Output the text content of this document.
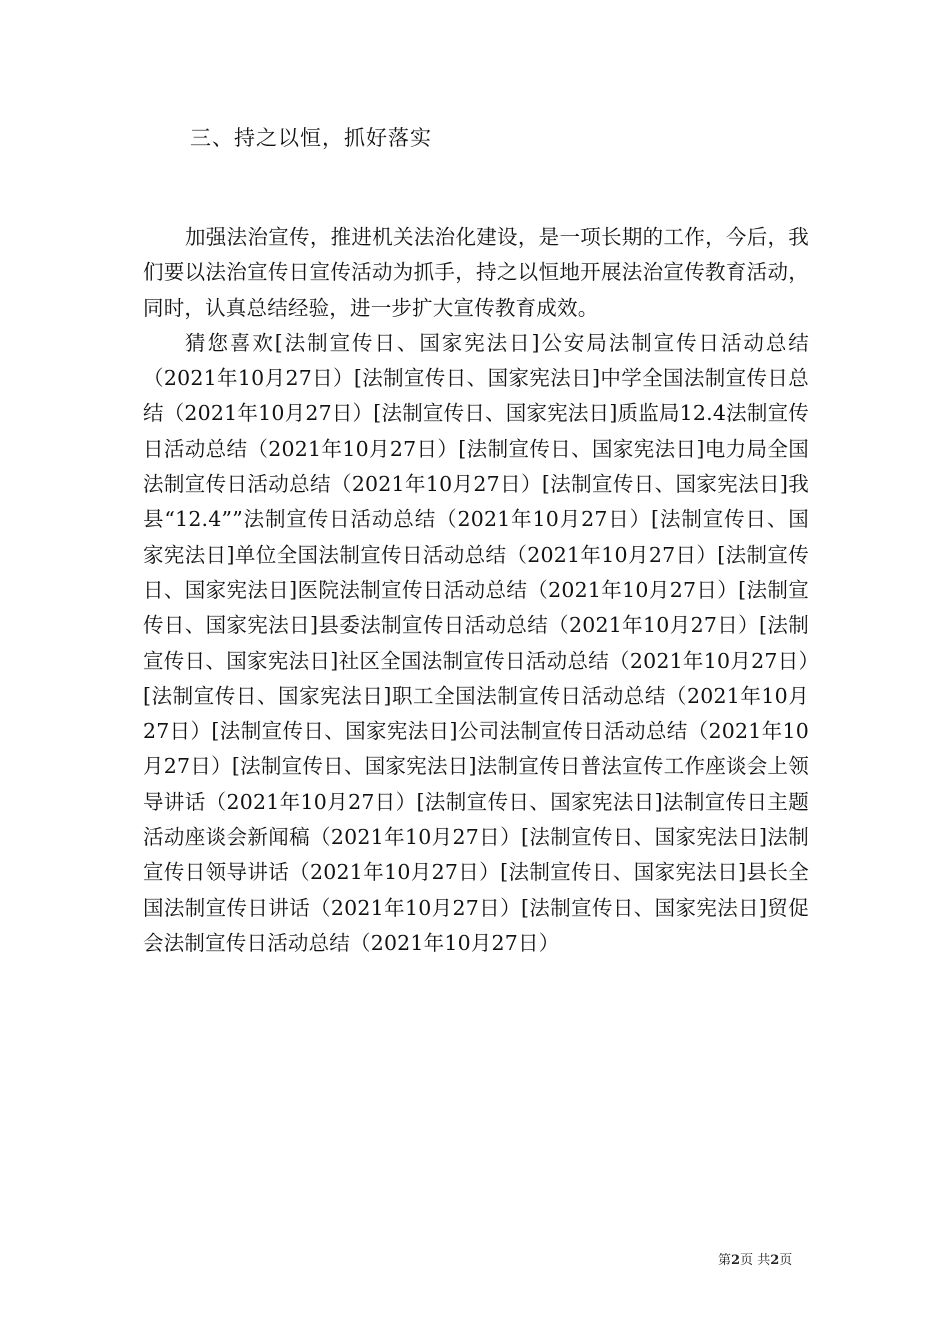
三、持之以恒，抓好落实

加强法治宣传，推进机关法治化建设，是一项长期的工作，今后，我们要以法治宣传日宣传活动为抓手，持之以恒地开展法治宣传教育活动，同时，认真总结经验，进一步扩大宣传教育成效。

猜您喜欢[法制宣传日、国家宪法日]公安局法制宣传日活动总结（2021年10月27日）[法制宣传日、国家宪法日]中学全国法制宣传日总结（2021年10月27日）[法制宣传日、国家宪法日]质监局12.4法制宣传日活动总结（2021年10月27日）[法制宣传日、国家宪法日]电力局全国法制宣传日活动总结（2021年10月27日）[法制宣传日、国家宪法日]我县“12.4””法制宣传日活动总结（2021年10月27日）[法制宣传日、国家宪法日]单位全国法制宣传日活动总结（2021年10月27日）[法制宣传日、国家宪法日]医院法制宣传日活动总结（2021年10月27日）[法制宣传日、国家宪法日]县委法制宣传日活动总结（2021年10月27日）[法制宣传日、国家宪法日]社区全国法制宣传日活动总结（2021年10月27日）[法制宣传日、国家宪法日]职工全国法制宣传日活动总结（2021年10月27日）[法制宣传日、国家宪法日]公司法制宣传日活动总结（2021年10月27日）[法制宣传日、国家宪法日]法制宣传日普法宣传工作座谈会上领导讲话（2021年10月27日）[法制宣传日、国家宪法日]法制宣传日主题活动座谈会新闻稿（2021年10月27日）[法制宣传日、国家宪法日]法制宣传日领导讲话（2021年10月27日）[法制宣传日、国家宪法日]县长全国法制宣传日讲话（2021年10月27日）[法制宣传日、国家宪法日]贸促会法制宣传日活动总结（2021年10月27日）

第2页 共2页
